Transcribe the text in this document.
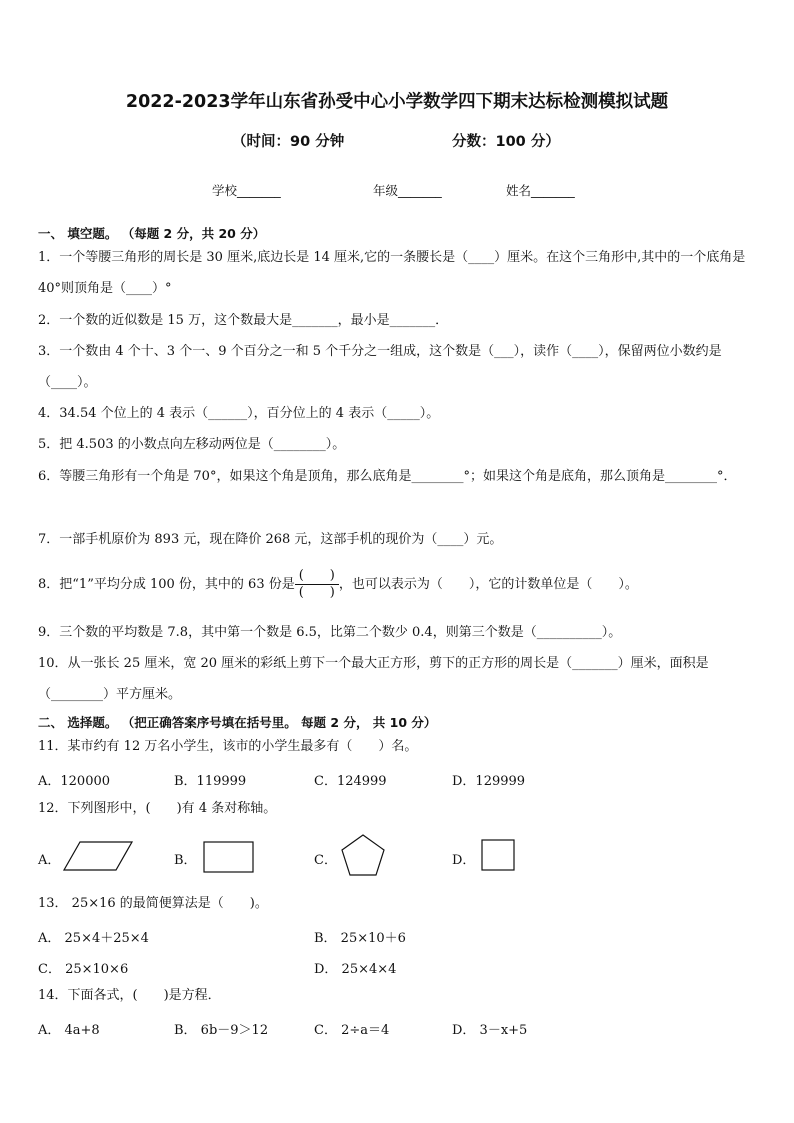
2022-2023学年山东省孙受中心小学数学四下期末达标检测模拟试题
（时间：90 分钟	分数：100 分）
学校_______	年级_______	姓名_______
一、 填空题。 （每题 2 分，共 20 分）
1．一个等腰三角形的周长是 30 厘米,底边长是 14 厘米,它的一条腰长是（____）厘米。在这个三角形中,其中的一个底角是 40°则顶角是（____）°
2．一个数的近似数是 15 万，这个数最大是_______，最小是_______．
3．一个数由 4 个十、3 个一、9 个百分之一和 5 个千分之一组成，这个数是（___），读作（____），保留两位小数约是（____）。
4．34.54 个位上的 4 表示（______），百分位上的 4 表示（_____）。
5．把 4.503 的小数点向左移动两位是（________）。
6．等腰三角形有一个角是 70°，如果这个角是顶角，那么底角是________°；如果这个角是底角，那么顶角是________°．
7．一部手机原价为 893 元，现在降价 268 元，这部手机的现价为（____）元。
8．把“1”平均分成 100 份，其中的 63 份是 $\frac{( )}{( )}$ ，也可以表示为（　　），它的计数单位是（　　）。
9．三个数的平均数是 7.8，其中第一个数是 6.5，比第二个数少 0.4，则第三个数是（__________）。
10．从一张长 25 厘米，宽 20 厘米的彩纸上剪下一个最大正方形，剪下的正方形的周长是（_______）厘米，面积是（________）平方厘米。
二、 选择题。 （把正确答案序号填在括号里。 每题 2 分， 共 10 分）
11．某市约有 12 万名小学生，该市的小学生最多有（　　）名。
A．120000	B．119999	C．124999	D．129999
12．下列图形中，(　　)有 4 条对称轴。
A．	B．	C．	D．
13． 25×16 的最简便算法是（　　)。
A． 25×4＋25×4	B． 25×10＋6
C． 25×10×6	D． 25×4×4
14．下面各式，(　　)是方程．
A． 4a+8	B． 6b－9＞12	C． 2÷a＝4	D． 3－x+5
